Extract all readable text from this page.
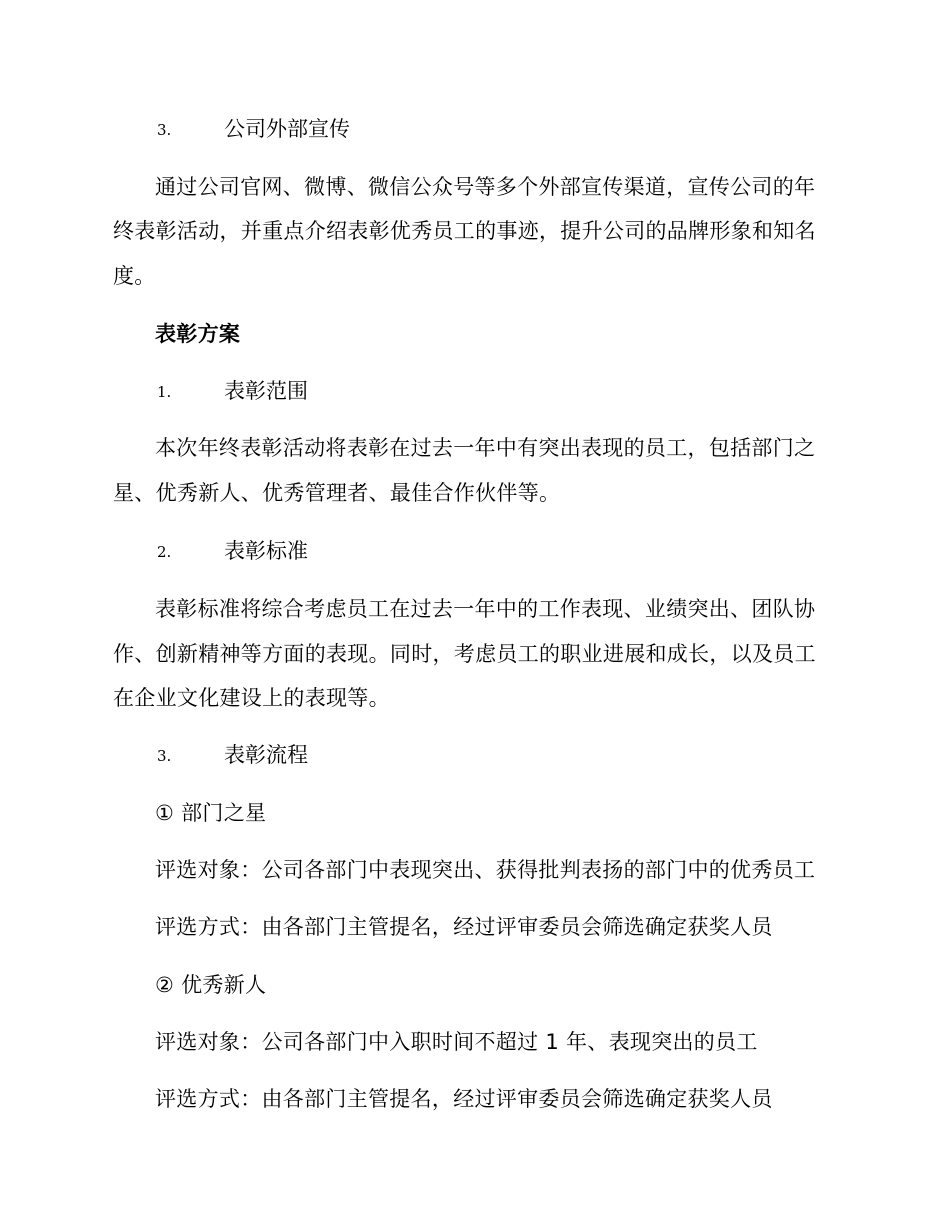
3.	公司外部宣传
通过公司官网、微博、微信公众号等多个外部宣传渠道，宣传公司的年
终表彰活动，并重点介绍表彰优秀员工的事迹，提升公司的品牌形象和知名
度。
表彰方案
1.	表彰范围
本次年终表彰活动将表彰在过去一年中有突出表现的员工，包括部门之
星、优秀新人、优秀管理者、最佳合作伙伴等。
2.	表彰标准
表彰标准将综合考虑员工在过去一年中的工作表现、业绩突出、团队协
作、创新精神等方面的表现。同时，考虑员工的职业进展和成长，以及员工
在企业文化建设上的表现等。
3.	表彰流程
① 部门之星
评选对象：公司各部门中表现突出、获得批判表扬的部门中的优秀员工
评选方式：由各部门主管提名，经过评审委员会筛选确定获奖人员
② 优秀新人
评选对象：公司各部门中入职时间不超过 1 年、表现突出的员工
评选方式：由各部门主管提名，经过评审委员会筛选确定获奖人员
